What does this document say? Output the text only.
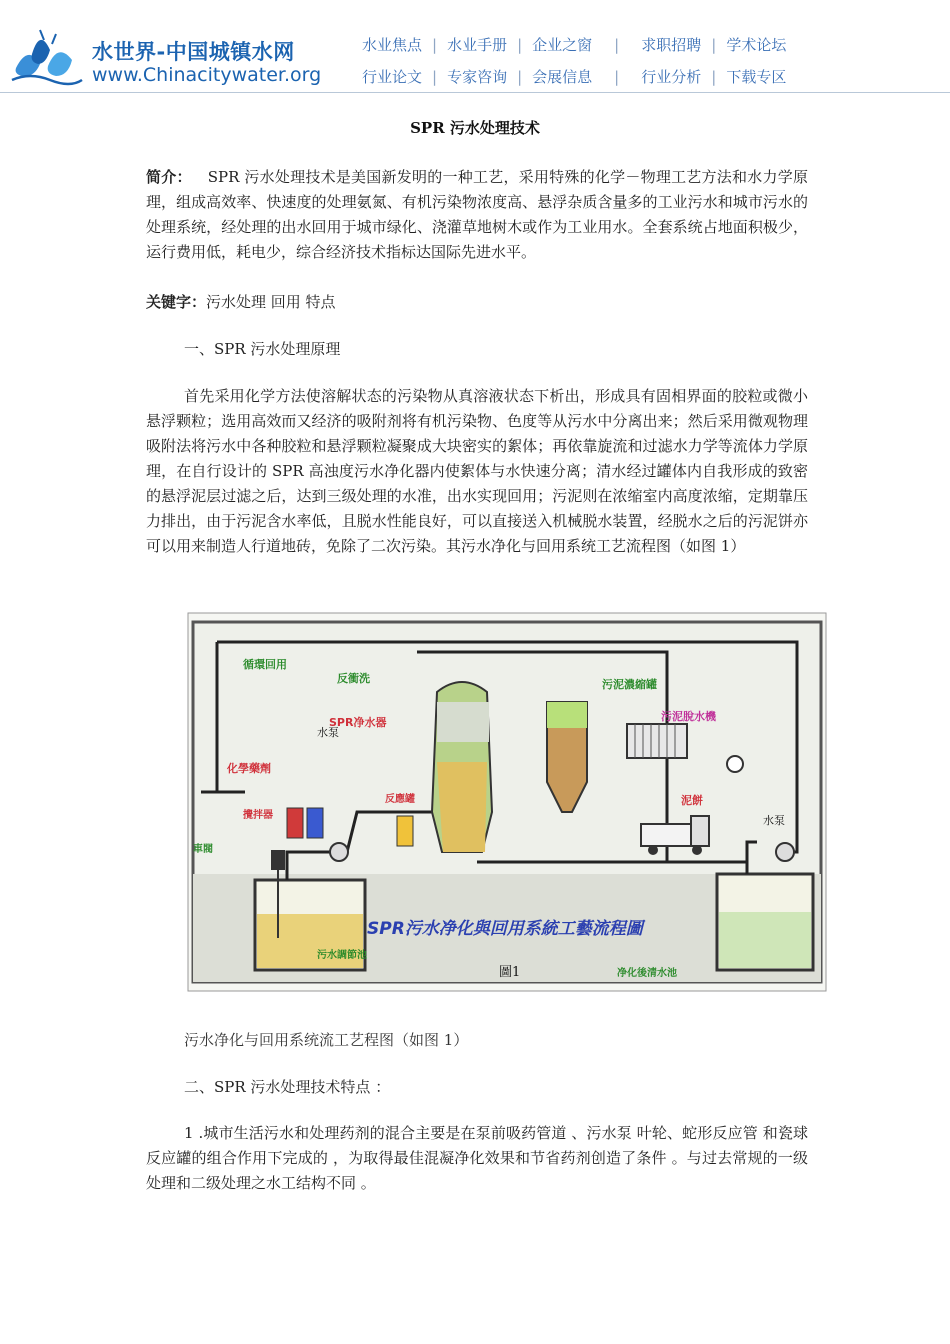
水世界-中国城镇水网
www.Chinacitywater.org
水业焦点 | 水业手册 | 企业之窗 | 求职招聘 | 学术论坛
行业论文 | 专家咨询 | 会展信息 | 行业分析 | 下载专区
SPR 污水处理技术
简介： SPR 污水处理技术是美国新发明的一种工艺，采用特殊的化学－物理工艺方法和水力学原理，组成高效率、快速度的处理氨氮、有机污染物浓度高、悬浮杂质含量多的工业污水和城市污水的处理系统，经处理的出水回用于城市绿化、浇灌草地树木或作为工业用水。全套系统占地面积极少，运行费用低，耗电少，综合经济技术指标达国际先进水平。
关键字：污水处理 回用 特点
一、SPR 污水处理原理
首先采用化学方法使溶解状态的污染物从真溶液状态下析出，形成具有固相界面的胶粒或微小悬浮颗粒；选用高效而又经济的吸附剂将有机污染物、色度等从污水中分离出来；然后采用微观物理吸附法将污水中各种胶粒和悬浮颗粒凝聚成大块密实的絮体；再依靠旋流和过滤水力学等流体力学原理，在自行设计的 SPR 高浊度污水净化器内使絮体与水快速分离；清水经过罐体内自我形成的致密的悬浮泥层过滤之后，达到三级处理的水准，出水实现回用；污泥则在浓缩室内高度浓缩，定期靠压力排出，由于污泥含水率低，且脱水性能良好，可以直接送入机械脱水装置，经脱水之后的污泥饼亦可以用来制造人行道地砖，免除了二次污染。其污水净化与回用系统工艺流程图（如图 1）
循環回用
反衝洗	污泥濃縮罐
車閥
污水調節池
净化後清水池
SPR净水器
化學藥劑
攪拌器
反應罐
污泥脫水機
泥餅
水泵
水泵
SPR污水净化與回用系統工藝流程圖
圖1
污水净化与回用系统流工艺程图（如图 1）
二、SPR 污水处理技术特点 ：
1 .城市生活污水和处理药剂的混合主要是在泵前吸药管道 、污水泵 叶轮、蛇形反应管 和瓷球反应罐的组合作用下完成的 ，为取得最佳混凝净化效果和节省药剂创造了条件 。与过去常规的一级处理和二级处理之水工结构不同 。
